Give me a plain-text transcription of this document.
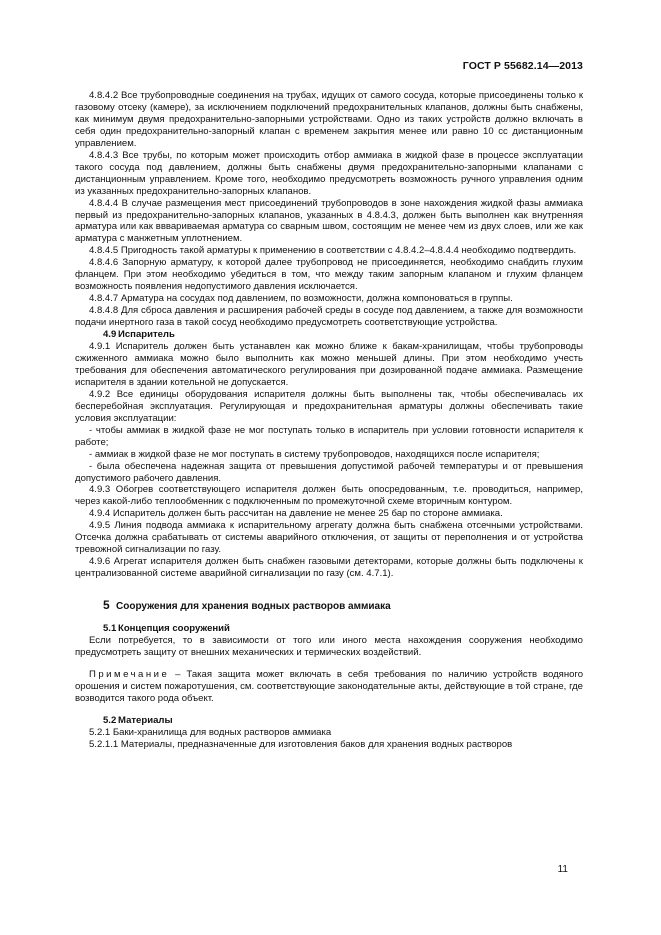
ГОСТ Р 55682.14—2013

4.8.4.2 Все трубопроводные соединения на трубах, идущих от самого сосуда, которые присоединены только к газовому отсеку (камере), за исключением подключений предохранительных клапанов, должны быть снабжены, как минимум двумя предохранительно-запорными устройствами. Одно из таких устройств должно включать в себя один предохранительно-запорный клапан с временем закрытия менее или равно 10 сс дистанционным управлением.

4.8.4.3 Все трубы, по которым может происходить отбор аммиака в жидкой фазе в процессе эксплуатации такого сосуда под давлением, должны быть снабжены двумя предохранительно-запорными клапанами с дистанционным управлением. Кроме того, необходимо предусмотреть возможность ручного управления одним из указанных предохранительно-запорных клапанов.

4.8.4.4 В случае размещения мест присоединений трубопроводов в зоне нахождения жидкой фазы аммиака первый из предохранительно-запорных клапанов, указанных в 4.8.4.3, должен быть выполнен как внутренняя арматура или как вввариваемая арматура со сварным швом, состоящим не менее чем из двух слоев, или же как арматура с манжетным уплотнением.

4.8.4.5 Пригодность такой арматуры к применению в соответствии с 4.8.4.2–4.8.4.4 необходимо подтвердить.

4.8.4.6 Запорную арматуру, к которой далее трубопровод не присоединяется, необходимо снабдить глухим фланцем. При этом необходимо убедиться в том, что между таким запорным клапаном и глухим фланцем возможность появления недопустимого давления исключается.

4.8.4.7 Арматура на сосудах под давлением, по возможности, должна компоноваться в группы.

4.8.4.8 Для сброса давления и расширения рабочей среды в сосуде под давлением, а также для возможности подачи инертного газа в такой сосуд необходимо предусмотреть соответствующие устройства.

4.9 Испаритель

4.9.1 Испаритель должен быть устанавлен как можно ближе к бакам-хранилищам, чтобы трубопроводы сжиженного аммиака можно было выполнить как можно меньшей длины. При этом необходимо учесть требования для обеспечения автоматического регулирования при дозированной подаче аммиака. Размещение испарителя в здании котельной не допускается.

4.9.2 Все единицы оборудования испарителя должны быть выполнены так, чтобы обеспечивалась их бесперебойная эксплуатация. Регулирующая и предохранительная арматуры должны обеспечивать такие условия эксплуатации:

- чтобы аммиак в жидкой фазе не мог поступать только в испаритель при условии готовности испарителя к работе;

- аммиак в жидкой фазе не мог поступать в систему трубопроводов, находящихся после испарителя;

- была обеспечена надежная защита от превышения допустимой рабочей температуры и от превышения допустимого рабочего давления.

4.9.3 Обогрев соответствующего испарителя должен быть опосредованным, т.е. проводиться, например, через какой-либо теплообменник с подключенным по промежуточной схеме вторичным контуром.

4.9.4 Испаритель должен быть рассчитан на давление не менее 25 бар по стороне аммиака.

4.9.5 Линия подвода аммиака к испарительному агрегату должна быть снабжена отсечными устройствами. Отсечка должна срабатывать от системы аварийного отключения, от защиты от переполнения и от устройства тревожной сигнализации по газу.

4.9.6 Агрегат испарителя должен быть снабжен газовыми детекторами, которые должны быть подключены к централизованной системе аварийной сигнализации по газу (см. 4.7.1).

5 Сооружения для хранения водных растворов аммиака

5.1 Концепция сооружений

Если потребуется, то в зависимости от того или иного места нахождения сооружения необходимо предусмотреть защиту от внешних механических и термических воздействий.

Примечание – Такая защита может включать в себя требования по наличию устройств водяного орошения и систем пожаротушения, см. соответствующие законодательные акты, действующие в той стране, где возводится такого рода объект.

5.2 Материалы

5.2.1 Баки-хранилища для водных растворов аммиака

5.2.1.1 Материалы, предназначенные для изготовления баков для хранения водных растворов

11
